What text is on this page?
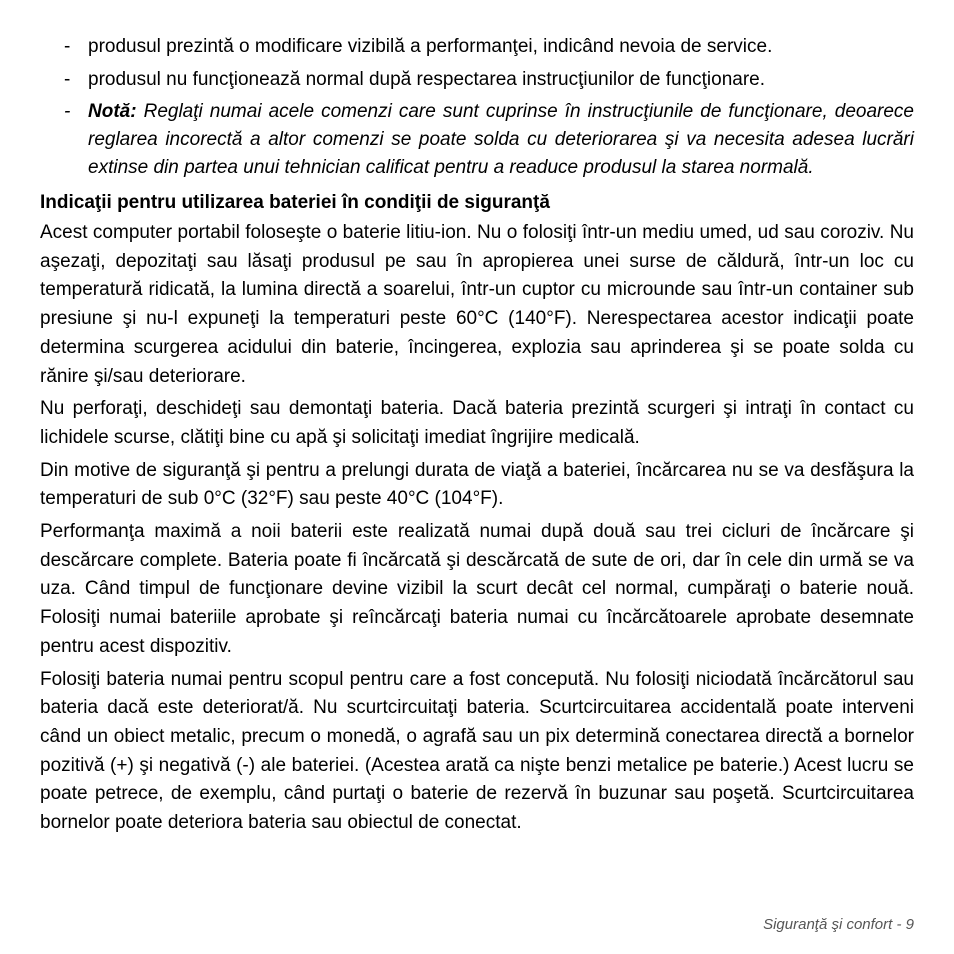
- produsul prezintă o modificare vizibilă a performanţei, indicând nevoia de service.
- produsul nu funcţionează normal după respectarea instrucţiunilor de funcţionare.
- Notă: Reglaţi numai acele comenzi care sunt cuprinse în instrucţiunile de funcţionare, deoarece reglarea incorectă a altor comenzi se poate solda cu deteriorarea şi va necesita adesea lucrări extinse din partea unui tehnician calificat pentru a readuce produsul la starea normală.
Indicaţii pentru utilizarea bateriei în condiţii de siguranţă

Acest computer portabil foloseşte o baterie litiu-ion. Nu o folosiţi într-un mediu umed, ud sau coroziv. Nu aşezaţi, depozitaţi sau lăsaţi produsul pe sau în apropierea unei surse de căldură, într-un loc cu temperatură ridicată, la lumina directă a soarelui, într-un cuptor cu microunde sau într-un container sub presiune şi nu-l expuneţi la temperaturi peste 60°C (140°F). Nerespectarea acestor indicaţii poate determina scurgerea acidului din baterie, încingerea, explozia sau aprinderea şi se poate solda cu rănire şi/sau deteriorare.

Nu perforaţi, deschideţi sau demontaţi bateria. Dacă bateria prezintă scurgeri şi intraţi în contact cu lichidele scurse, clătiţi bine cu apă şi solicitaţi imediat îngrijire medicală.

Din motive de siguranţă şi pentru a prelungi durata de viaţă a bateriei, încărcarea nu se va desfăşura la temperaturi de sub 0°C (32°F) sau peste 40°C (104°F).

Performanţa maximă a noii baterii este realizată numai după două sau trei cicluri de încărcare şi descărcare complete. Bateria poate fi încărcată şi descărcată de sute de ori, dar în cele din urmă se va uza. Când timpul de funcţionare devine vizibil la scurt decât cel normal, cumpăraţi o baterie nouă. Folosiţi numai bateriile aprobate şi reîncărcaţi bateria numai cu încărcătoarele aprobate desemnate pentru acest dispozitiv.

Folosiţi bateria numai pentru scopul pentru care a fost concepută. Nu folosiţi niciodată încărcătorul sau bateria dacă este deteriorat/ă. Nu scurtcircuitaţi bateria. Scurtcircuitarea accidentală poate interveni când un obiect metalic, precum o monedă, o agrafă sau un pix determină conectarea directă a bornelor pozitivă (+) şi negativă (-) ale bateriei. (Acestea arată ca nişte benzi metalice pe baterie.) Acest lucru se poate petrece, de exemplu, când purtaţi o baterie de rezervă în buzunar sau poşetă. Scurtcircuitarea bornelor poate deteriora bateria sau obiectul de conectat.

Siguranţă şi confort - 9
